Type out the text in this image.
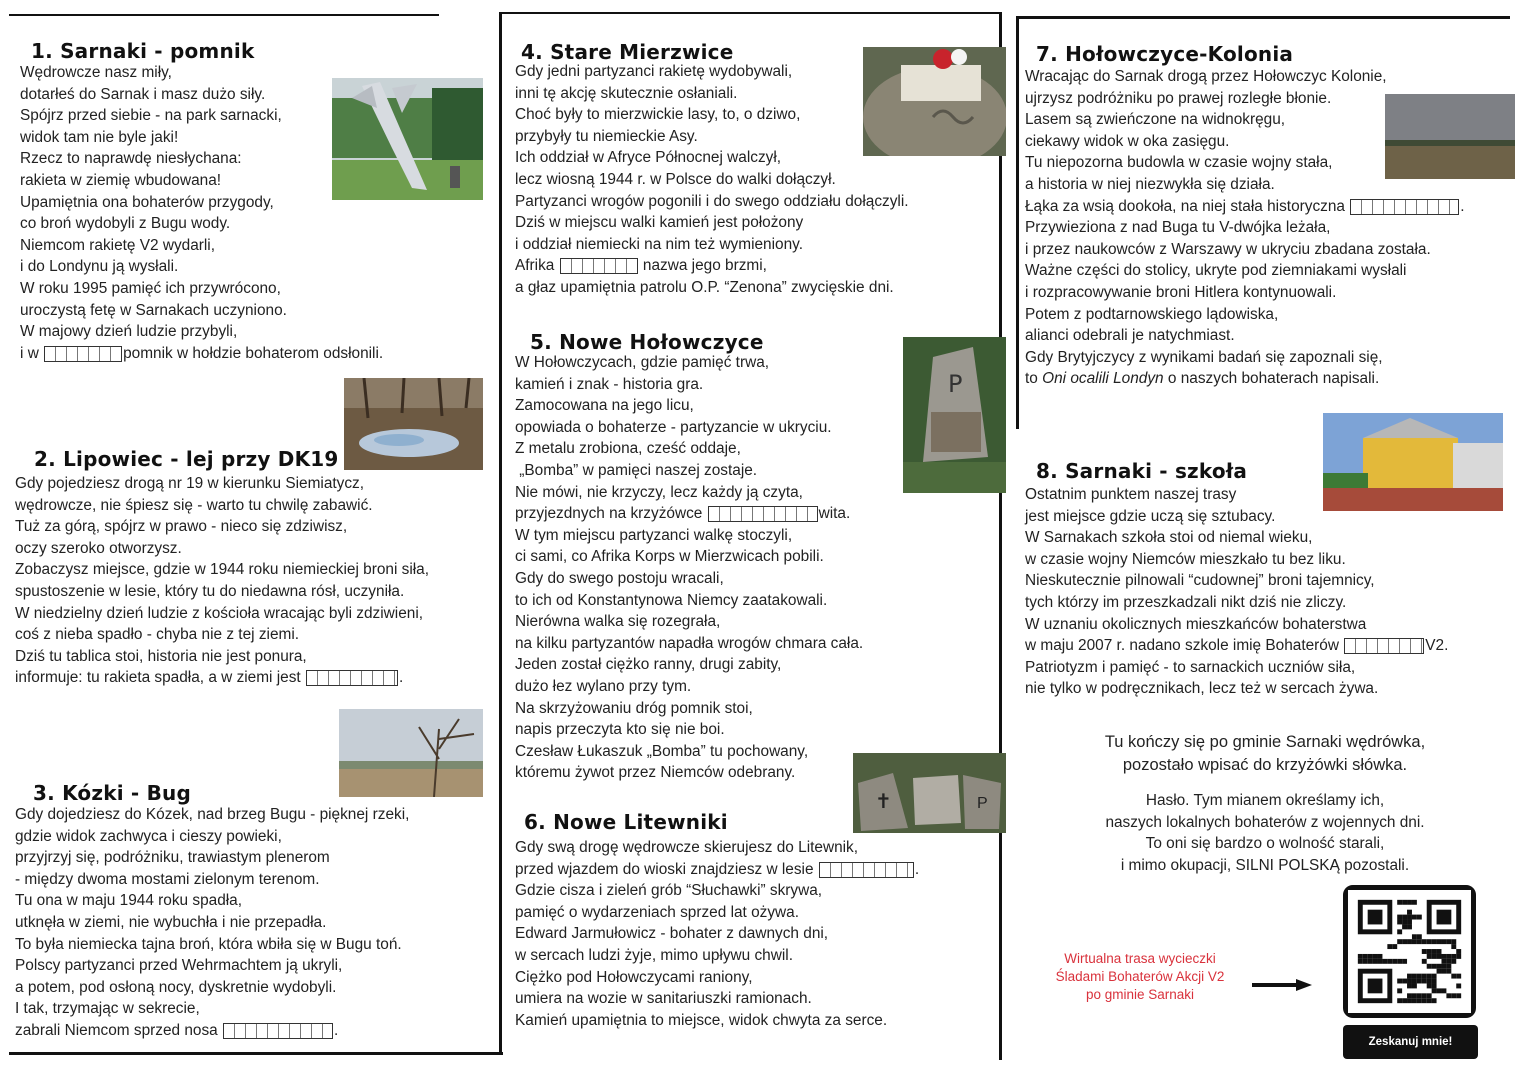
1. Sarnaki - pomnik
Wędrowcze nasz miły,
dotarłeś do Sarnak i masz dużo siły.
Spójrz przed siebie - na park sarnacki,
widok tam nie byle jaki!
Rzecz to naprawdę niesłychana:
rakieta w ziemię wbudowana!
Upamiętnia ona bohaterów przygody,
co broń wydobyli z Bugu wody.
Niemcom rakietę V2 wydarli,
i do Londynu ją wysłali.
W roku 1995 pamięć ich przywrócono,
uroczystą fetę w Sarnakach uczyniono.
W majowy dzień ludzie przybyli,
i w	pomnik w hołdzie bohaterom odsłonili.
2. Lipowiec - lej przy DK19
Gdy pojedziesz drogą nr 19 w kierunku Siemiatycz,
wędrowcze, nie śpiesz się - warto tu chwilę zabawić.
Tuż za górą, spójrz w prawo - nieco się zdziwisz,
oczy szeroko otworzysz.
Zobaczysz miejsce, gdzie w 1944 roku niemieckiej broni siła,
spustoszenie w lesie, który tu do niedawna rósł, uczyniła.
W niedzielny dzień ludzie z kościoła wracając byli zdziwieni,
coś z nieba spadło - chyba nie z tej ziemi.
Dziś tu tablica stoi, historia nie jest ponura,
informuje: tu rakieta spadła, a w ziemi jest	.
3. Kózki - Bug
Gdy dojedziesz do Kózek, nad brzeg Bugu - pięknej rzeki,
gdzie widok zachwyca i cieszy powieki,
przyjrzyj się, podróżniku, trawiastym plenerom
- między dwoma mostami zielonym terenom.
Tu ona w maju 1944 roku spadła,
utknęła w ziemi, nie wybuchła i nie przepadła.
To była niemiecka tajna broń, która wbiła się w Bugu toń.
Polscy partyzanci przed Wehrmachtem ją ukryli,
a potem, pod osłoną nocy, dyskretnie wydobyli.
I tak, trzymając w sekrecie,
zabrali Niemcom sprzed nosa	.
4. Stare Mierzwice
Gdy jedni partyzanci rakietę wydobywali,
inni tę akcję skutecznie osłaniali.
Choć były to mierzwickie lasy, to, o dziwo,
przybyły tu niemieckie Asy.
Ich oddział w Afryce Północnej walczył,
lecz wiosną 1944 r. w Polsce do walki dołączył.
Partyzanci wrogów pogonili i do swego oddziału dołączyli.
Dziś w miejscu walki kamień jest położony
i oddział niemiecki na nim też wymieniony.
Afrika	nazwa jego brzmi,
a głaz upamiętnia patrolu O.P. “Zenona” zwycięskie dni.
5. Nowe Hołowczyce
W Hołowczycach, gdzie pamięć trwa,
kamień i znak - historia gra.
Zamocowana na jego licu,
opowiada o bohaterze - partyzancie w ukryciu.
Z metalu zrobiona, cześć oddaje,
„Bomba” w pamięci naszej zostaje.
Nie mówi, nie krzyczy, lecz każdy ją czyta,
przyjezdnych na krzyżówce	wita.
W tym miejscu partyzanci walkę stoczyli,
ci sami, co Afrika Korps w Mierzwicach pobili.
Gdy do swego postoju wracali,
to ich od Konstantynowa Niemcy zaatakowali.
Nierówna walka się rozegrała,
na kilku partyzantów napadła wrogów chmara cała.
Jeden został ciężko ranny, drugi zabity,
dużo łez wylano przy tym.
Na skrzyżowaniu dróg pomnik stoi,
napis przeczyta kto się nie boi.
Czesław Łukaszuk „Bomba” tu pochowany,
któremu żywot przez Niemców odebrany.
P
✝	P
6. Nowe Litewniki
Gdy swą drogę wędrowcze skierujesz do Litewnik,
przed wjazdem do wioski znajdziesz w lesie	.
Gdzie cisza i zieleń grób “Słuchawki” skrywa,
pamięć o wydarzeniach sprzed lat ożywa.
Edward Jarmułowicz - bohater z dawnych dni,
w sercach ludzi żyje, mimo upływu chwil.
Ciężko pod Hołowczycami raniony,
umiera na wozie w sanitariuszki ramionach.
Kamień upamiętnia to miejsce, widok chwyta za serce.
7. Hołowczyce-Kolonia
Wracając do Sarnak drogą przez Hołowczyc Kolonie,
ujrzysz podróżniku po prawej rozległe błonie.
Lasem są zwieńczone na widnokręgu,
ciekawy widok w oka zasięgu.
Tu niepozorna budowla w czasie wojny stała,
a historia w niej niezwykła się działa.
Łąka za wsią dookoła, na niej stała historyczna	.
Przywieziona z nad Buga tu V-dwójka leżała,
i przez naukowców z Warszawy w ukryciu zbadana została.
Ważne części do stolicy, ukryte pod ziemniakami wysłali
i rozpracowywanie broni Hitlera kontynuowali.
Potem z podtarnowskiego lądowiska,
alianci odebrali je natychmiast.
Gdy Brytyjczycy z wynikami badań się zapoznali się,
to Oni ocalili Londyn o naszych bohaterach napisali.
8. Sarnaki - szkoła
Ostatnim punktem naszej trasy
jest miejsce gdzie uczą się sztubacy.
W Sarnakach szkoła stoi od niemal wieku,
w czasie wojny Niemców mieszkało tu bez liku.
Nieskutecznie pilnowali “cudownej” broni tajemnicy,
tych którzy im przeszkadzali nikt dziś nie zliczy.
W uznaniu okolicznych mieszkańców bohaterstwa
w maju 2007 r. nadano szkole imię Bohaterów	V2.
Patriotyzm i pamięć - to sarnackich uczniów siła,
nie tylko w podręcznikach, lecz też w sercach żywa.
Tu kończy się po gminie Sarnaki wędrówka,
pozostało wpisać do krzyżówki słówka.
Hasło. Tym mianem określamy ich,
naszych lokalnych bohaterów z wojennych dni.
To oni się bardzo o wolność starali,
i mimo okupacji, SILNI POLSKĄ pozostali.
Wirtualna trasa wycieczki
Śladami Bohaterów Akcji V2
po gminie Sarnaki
Zeskanuj mnie!
